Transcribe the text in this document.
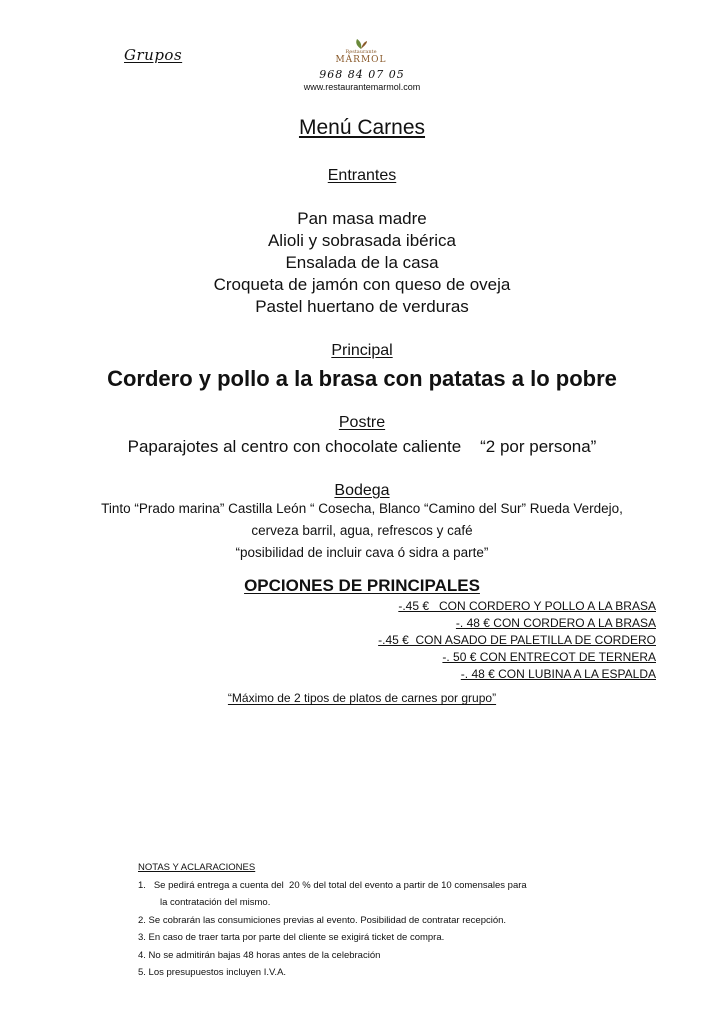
Grupos	Restaurante
MÁRMOL
968 84 07 05
www.restaurantemarmol.com
Menú Carnes
Entrantes
Pan masa madre
Alioli y sobrasada ibérica
Ensalada de la casa
Croqueta de jamón con queso de oveja
Pastel huertano de verduras
Principal
Cordero y pollo a la brasa con patatas a lo pobre
Postre
Paparajotes al centro con chocolate caliente    “2 por persona”
Bodega
Tinto “Prado marina” Castilla León “ Cosecha, Blanco “Camino del Sur” Rueda Verdejo,
cerveza barril, agua, refrescos y café
“posibilidad de incluir cava ó sidra a parte”
OPCIONES DE PRINCIPALES
-.45 €   CON CORDERO Y POLLO A LA BRASA
-. 48 € CON CORDERO A LA BRASA
-.45 €  CON ASADO DE PALETILLA DE CORDERO
-. 50 € CON ENTRECOT DE TERNERA
-. 48 € CON LUBINA A LA ESPALDA
“Máximo de 2 tipos de platos de carnes por grupo”
NOTAS Y ACLARACIONES
1.   Se pedirá entrega a cuenta del  20 % del total del evento a partir de 10 comensales para
la contratación del mismo.
2. Se cobrarán las consumiciones previas al evento. Posibilidad de contratar recepción.
3. En caso de traer tarta por parte del cliente se exigirá ticket de compra.
4. No se admitirán bajas 48 horas antes de la celebración
5. Los presupuestos incluyen I.V.A.
